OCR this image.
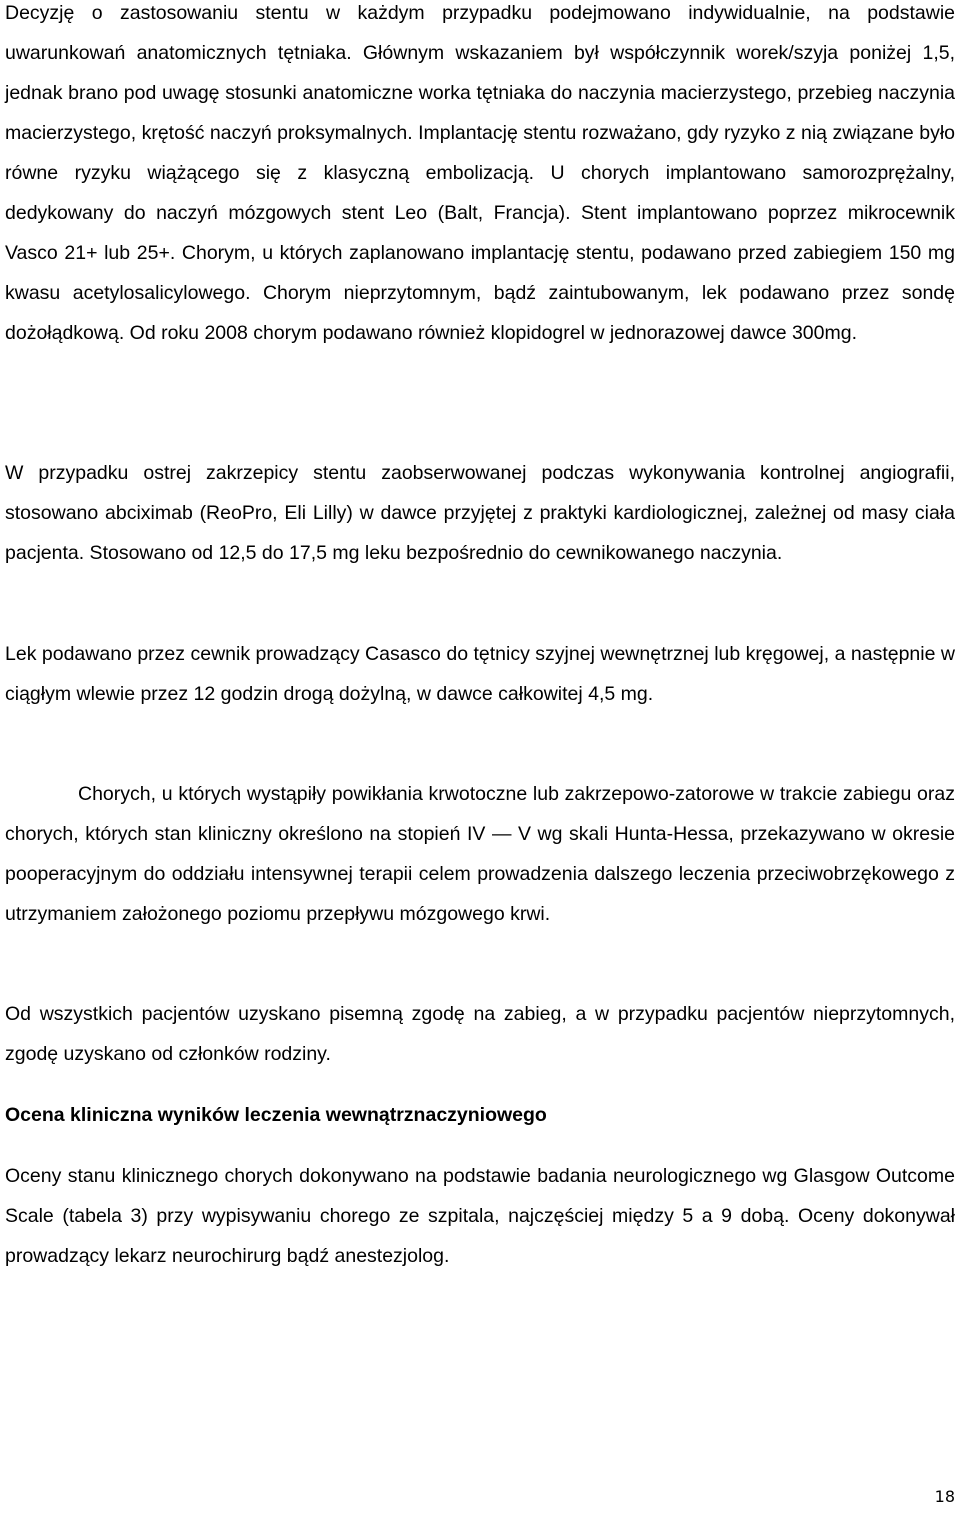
Decyzję o zastosowaniu stentu w każdym przypadku podejmowano indywidualnie, na podstawie uwarunkowań anatomicznych tętniaka. Głównym wskazaniem był współczynnik worek/szyja poniżej 1,5, jednak brano pod uwagę stosunki anatomiczne worka tętniaka do naczynia macierzystego, przebieg naczynia macierzystego, krętość naczyń proksymalnych. Implantację stentu rozważano, gdy ryzyko z nią związane było równe ryzyku wiążącego się z klasyczną embolizacją. U chorych implantowano samorozprężalny, dedykowany do naczyń mózgowych stent Leo (Balt, Francja). Stent implantowano poprzez mikrocewnik Vasco 21+ lub 25+. Chorym, u których zaplanowano implantację stentu, podawano przed zabiegiem 150 mg kwasu acetylosalicylowego. Chorym nieprzytomnym, bądź zaintubowanym, lek podawano przez sondę dożołądkową. Od roku 2008 chorym podawano również klopidogrel w jednorazowej dawce 300mg.

W przypadku ostrej zakrzepicy stentu zaobserwowanej podczas wykonywania kontrolnej angiografii, stosowano abciximab (ReoPro, Eli Lilly) w dawce przyjętej z praktyki kardiologicznej, zależnej od masy ciała pacjenta. Stosowano od 12,5 do 17,5 mg leku bezpośrednio do cewnikowanego naczynia.

Lek podawano przez cewnik prowadzący Casasco do tętnicy szyjnej wewnętrznej lub kręgowej, a następnie w ciągłym wlewie przez 12 godzin drogą dożylną, w dawce całkowitej 4,5 mg.

Chorych, u których wystąpiły powikłania krwotoczne lub zakrzepowo-zatorowe w trakcie zabiegu oraz chorych, których stan kliniczny określono na stopień IV — V wg skali Hunta-Hessa, przekazywano w okresie pooperacyjnym do oddziału intensywnej terapii celem prowadzenia dalszego leczenia przeciwobrzękowego z utrzymaniem założonego poziomu przepływu mózgowego krwi.

Od wszystkich pacjentów uzyskano pisemną zgodę na zabieg, a w przypadku pacjentów nieprzytomnych, zgodę uzyskano od członków rodziny.

Ocena kliniczna wyników leczenia wewnątrznaczyniowego

Oceny stanu klinicznego chorych dokonywano na podstawie badania neurologicznego wg Glasgow Outcome Scale (tabela 3) przy wypisywaniu chorego ze szpitala, najczęściej między 5 a 9 dobą. Oceny dokonywał prowadzący lekarz neurochirurg bądź anestezjolog.

18
